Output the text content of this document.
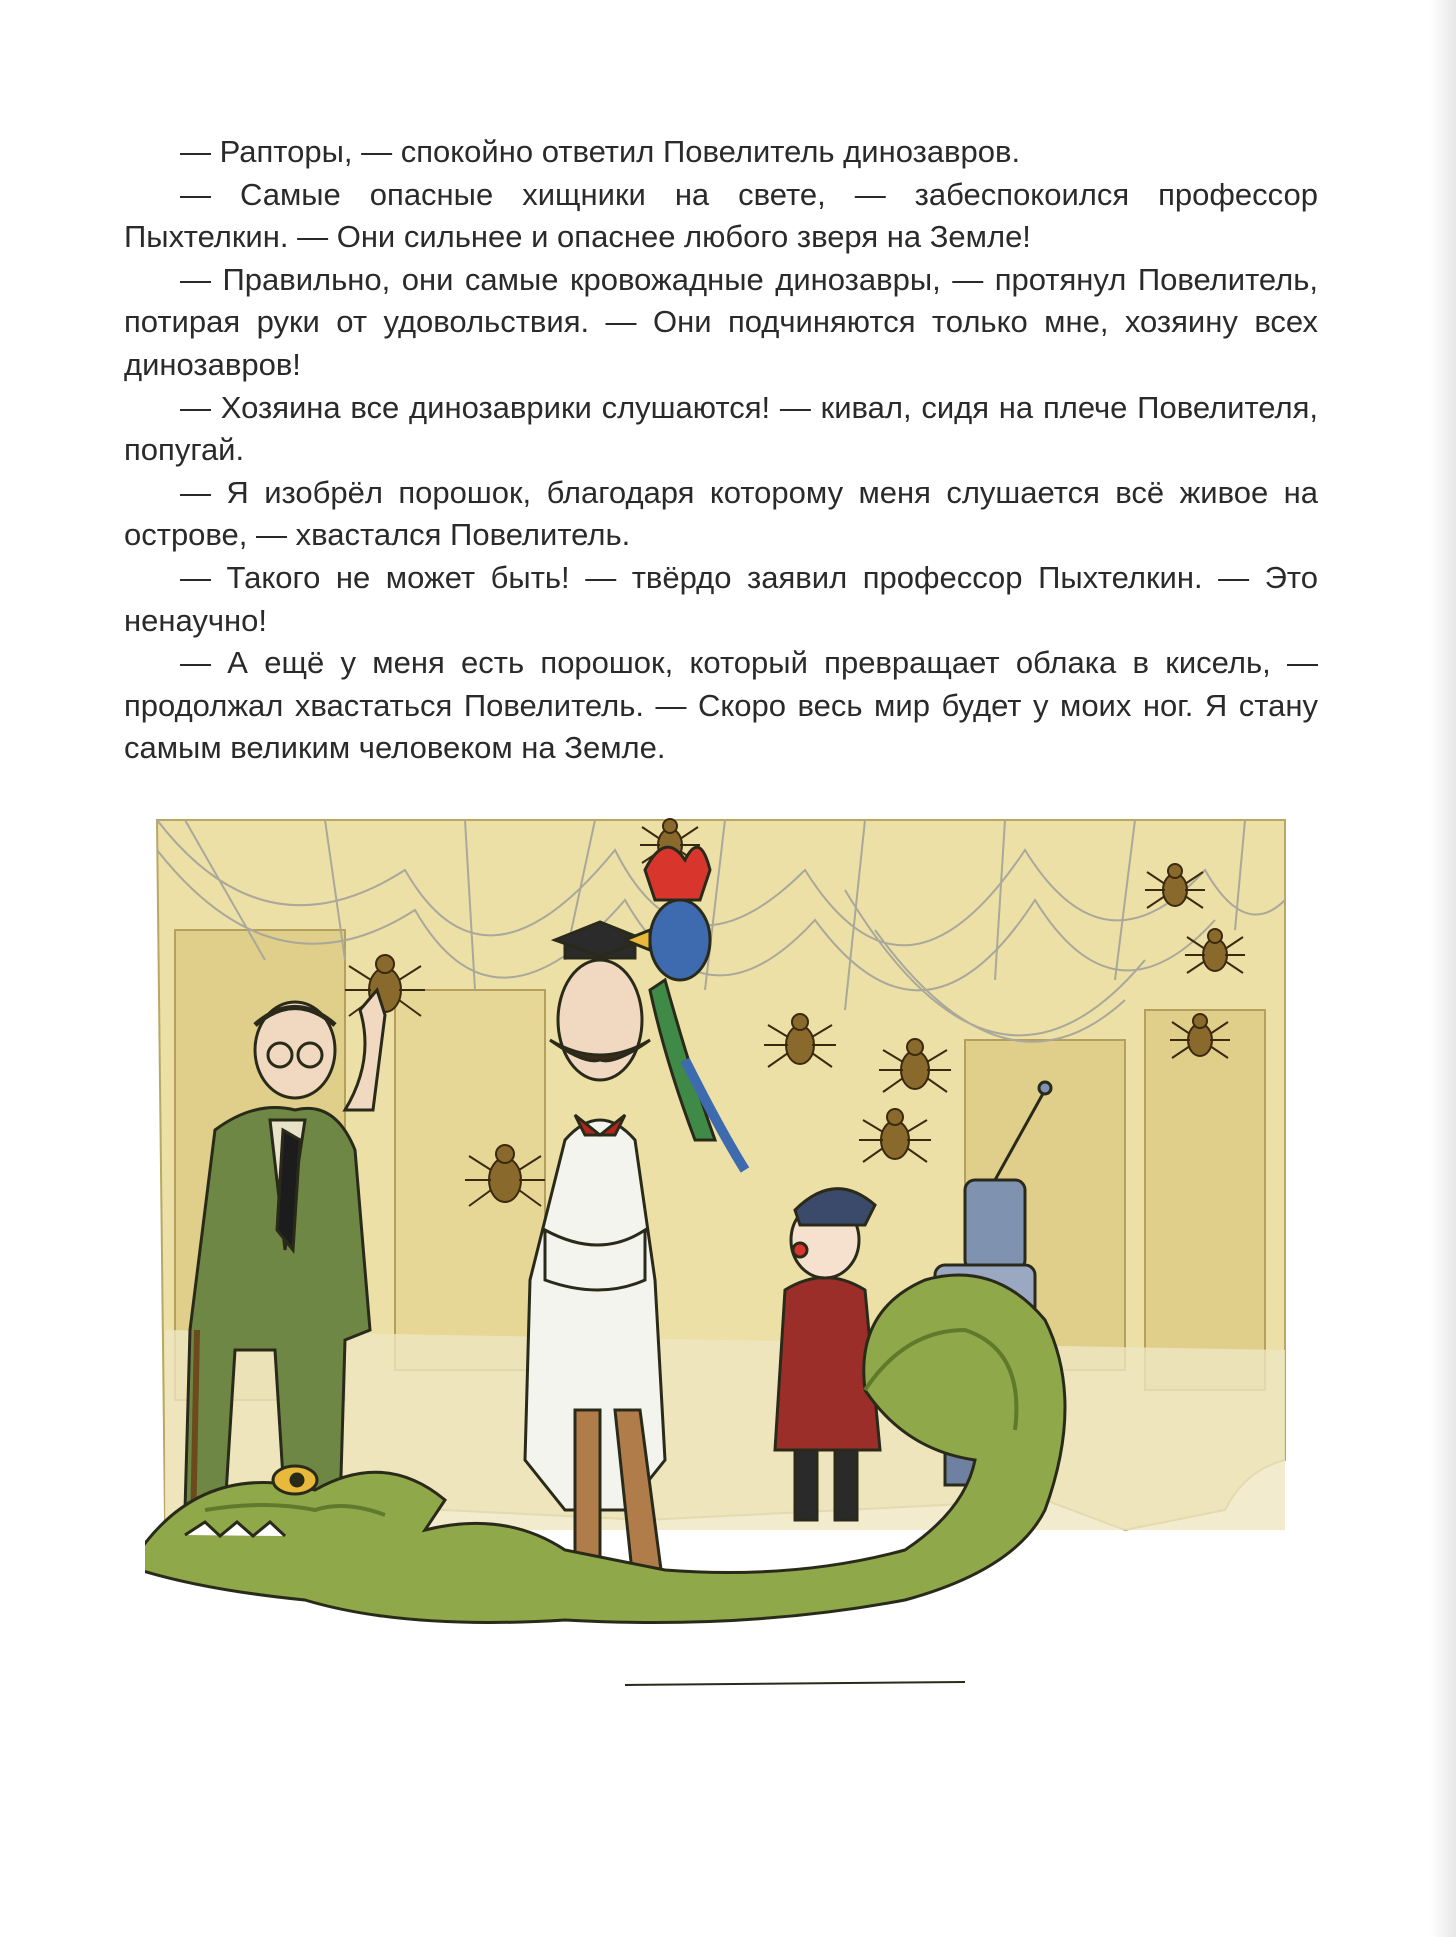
— Рапторы, — спокойно ответил Повелитель динозавров.

— Самые опасные хищники на свете, — забеспокоился профессор Пыхтелкин. — Они сильнее и опаснее любого зверя на Земле!

— Правильно, они самые кровожадные динозавры, — протянул Повелитель, потирая руки от удовольствия. — Они подчиняются только мне, хозяину всех динозавров!

— Хозяина все динозаврики слушаются! — кивал, сидя на плече Повелителя, попугай.

— Я изобрёл порошок, благодаря которому меня слушается всё живое на острове, — хвастался Повелитель.

— Такого не может быть! — твёрдо заявил профессор Пыхтелкин. — Это ненаучно!

— А ещё у меня есть порошок, который превращает облака в кисель, — продолжал хвастаться Повелитель. — Скоро весь мир будет у моих ног. Я стану самым великим человеком на Земле.
